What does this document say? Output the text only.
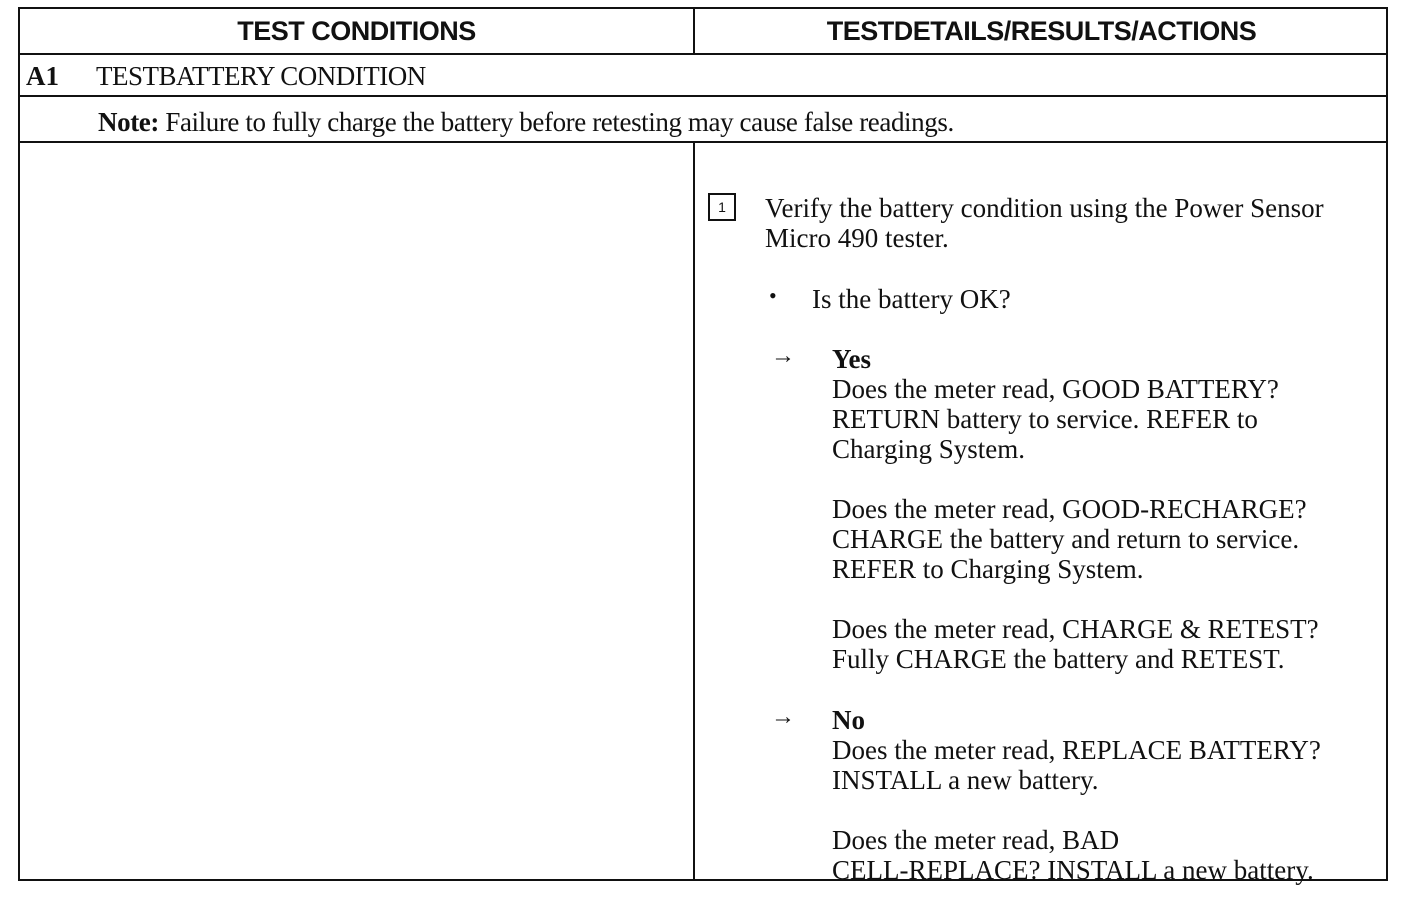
TEST CONDITIONS	TESTDETAILS/RESULTS/ACTIONS
A1 TESTBATTERY CONDITION
Note: Failure to fully charge the battery before retesting may cause false readings.
1	Verify the battery condition using the Power Sensor
Micro 490 tester.
• Is the battery OK?
→ Yes
Does the meter read, GOOD BATTERY?
RETURN battery to service. REFER to
Charging System.
Does the meter read, GOOD-RECHARGE?
CHARGE the battery and return to service.
REFER to Charging System.
Does the meter read, CHARGE & RETEST?
Fully CHARGE the battery and RETEST.
→ No
Does the meter read, REPLACE BATTERY?
INSTALL a new battery.
Does the meter read, BAD
CELL-REPLACE? INSTALL a new battery.
